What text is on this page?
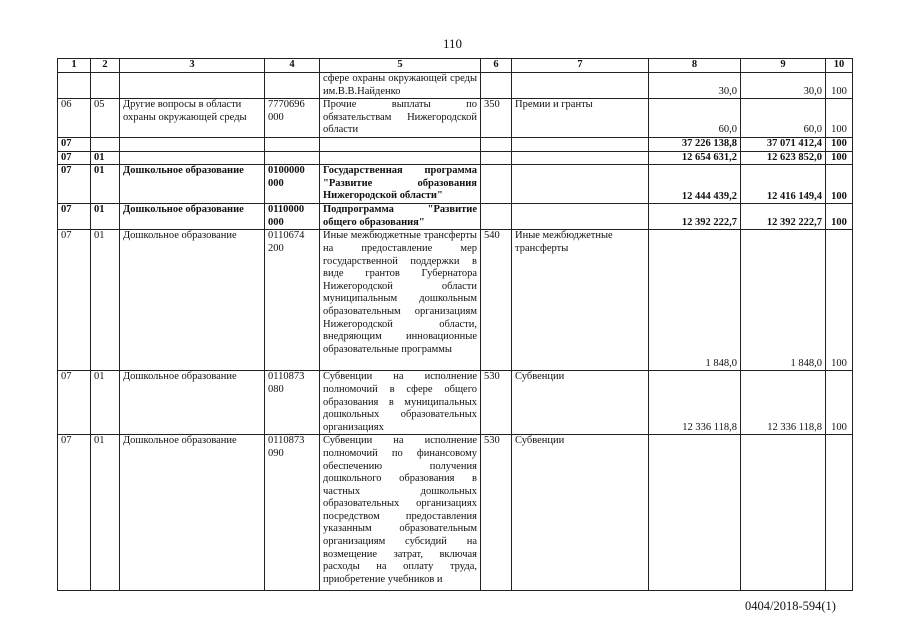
110
1	2	3	4	5	6	7	8	9	10
				сфере охраны окружающей среды им.В.В.Найденко			30,0	30,0	100
06	05	Другие вопросы в области охраны окружающей среды	7770696 000	Прочие выплаты по обязательствам Нижегородской области	350	Премии и гранты	60,0	60,0	100
07							37 226 138,8	37 071 412,4	100
07	01						12 654 631,2	12 623 852,0	100
07	01	Дошкольное образование	0100000 000	Государственная программа "Развитие образования Нижегородской области"			12 444 439,2	12 416 149,4	100
07	01	Дошкольное образование	0110000 000	Подпрограмма "Развитие общего образования"			12 392 222,7	12 392 222,7	100
07	01	Дошкольное образование	0110674 200	Иные межбюджетные трансферты на предоставление мер государственной поддержки в виде грантов Губернатора Нижегородской области муниципальным дошкольным образовательным организациям Нижегородской области, внедряющим инновационные образовательные программы	540	Иные межбюджетные трансферты	1 848,0	1 848,0	100
07	01	Дошкольное образование	0110873 080	Субвенции на исполнение полномочий в сфере общего образования в муниципальных дошкольных образовательных организациях	530	Субвенции	12 336 118,8	12 336 118,8	100
07	01	Дошкольное образование	0110873 090	Субвенции на исполнение полномочий по финансовому обеспечению получения дошкольного образования в частных дошкольных образовательных организациях посредством предоставления указанным образовательным организациям субсидий на возмещение затрат, включая расходы на оплату труда, приобретение учебников и	530	Субвенции			
0404/2018-594(1)
